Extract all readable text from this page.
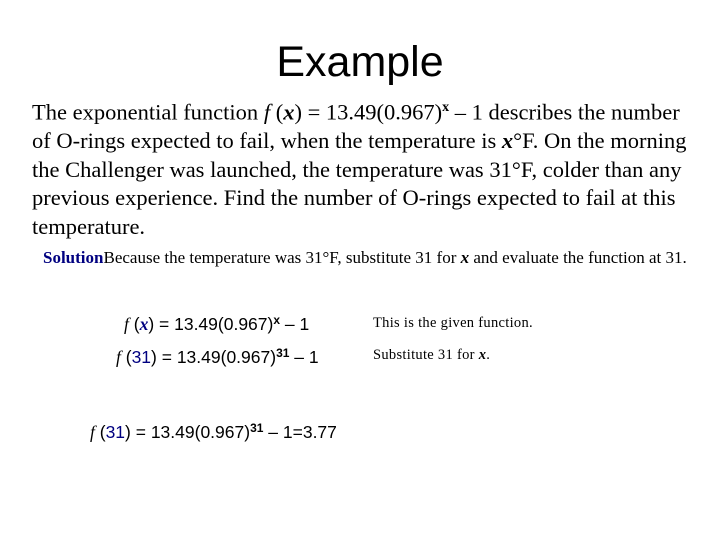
Example

The exponential function f $(x) = 13.49(0.967)^x - 1$ describes the number of O-rings expected to fail, when the temperature is x°F. On the morning the Challenger was launched, the temperature was 31°F, colder than any previous experience. Find the number of O-rings expected to fail at this temperature.

SolutionBecause the temperature was 31°F, substitute 31 for x and evaluate the function at 31.

f $(x) = 13.49(0.967)^x - 1$	This is the given function.
f $(31) = 13.49(0.967)^{31} - 1$	Substitute 31 for x.
f $(31) = 13.49(0.967)^{31} - 1=3.77$
